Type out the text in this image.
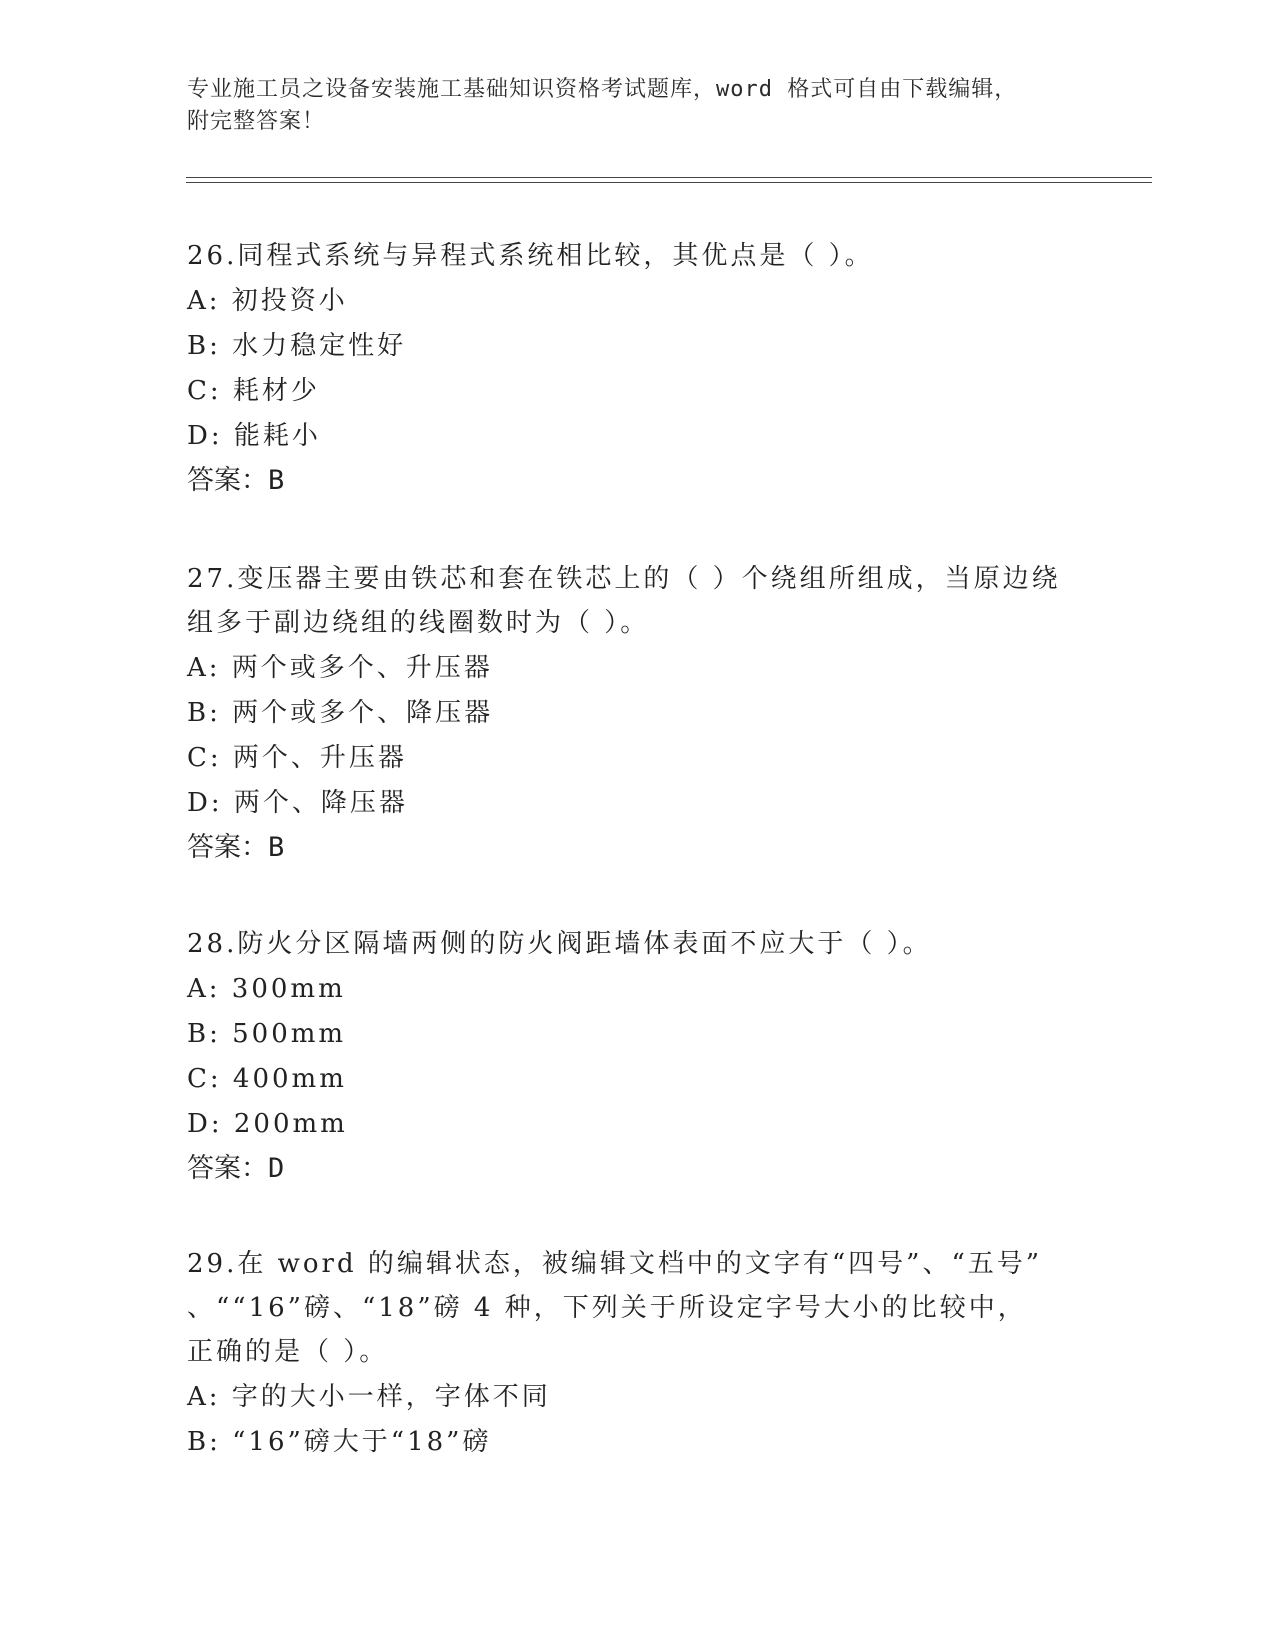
专业施工员之设备安装施工基础知识资格考试题库，word 格式可自由下载编辑，
附完整答案！

26.同程式系统与异程式系统相比较，其优点是（ ）。

A: 初投资小

B: 水力稳定性好

C: 耗材少

D: 能耗小

答案：B

27.变压器主要由铁芯和套在铁芯上的（ ）个绕组所组成，当原边绕

组多于副边绕组的线圈数时为（ ）。

A: 两个或多个、升压器

B: 两个或多个、降压器

C: 两个、升压器

D: 两个、降压器

答案：B

28.防火分区隔墙两侧的防火阀距墙体表面不应大于（ ）。

A: 300mm

B: 500mm

C: 400mm

D: 200mm

答案：D

29.在 word 的编辑状态，被编辑文档中的文字有“四号”、“五号”

、““16”磅、“18”磅 4 种，下列关于所设定字号大小的比较中，

正确的是（ ）。

A: 字的大小一样，字体不同

B: “16”磅大于“18”磅
